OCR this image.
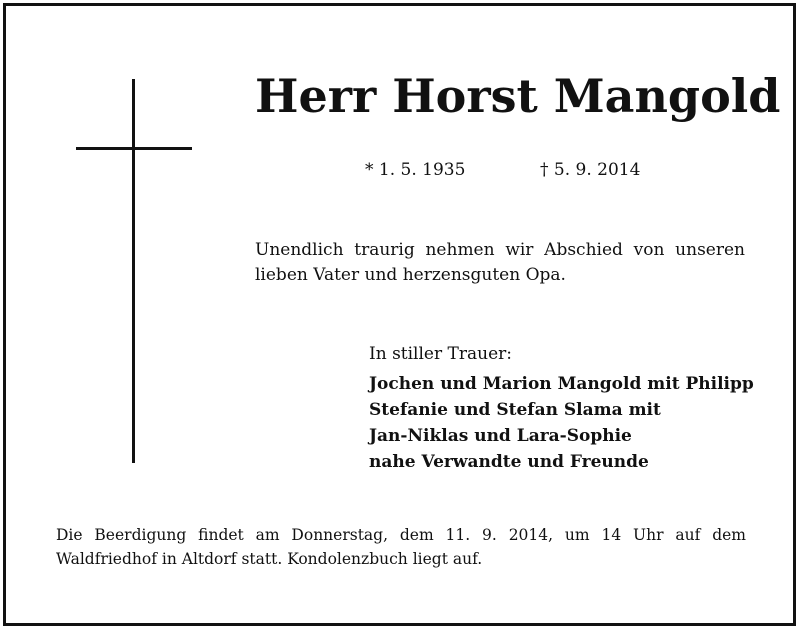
Herr Horst Mangold
* 1. 5. 1935	† 5. 9. 2014
Unendlich traurig nehmen wir Abschied von unseren lieben Vater und herzensguten Opa.
In stiller Trauer:
Jochen und Marion Mangold mit Philipp
Stefanie und Stefan Slama mit
Jan-Niklas und Lara-Sophie
nahe Verwandte und Freunde
Die Beerdigung findet am Donnerstag, dem 11. 9. 2014, um 14 Uhr auf dem Waldfriedhof in Altdorf statt. Kondolenzbuch liegt auf.
